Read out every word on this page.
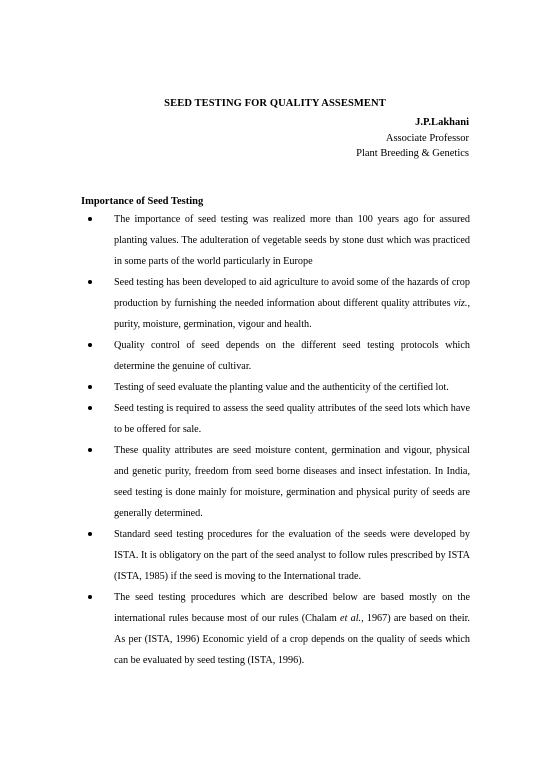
SEED TESTING FOR QUALITY ASSESMENT
J.P.Lakhani
Associate Professor
Plant Breeding & Genetics
Importance of Seed Testing
The importance of seed testing was realized more than 100 years ago for assured planting values. The adulteration of vegetable seeds by stone dust which was practiced in some parts of the world particularly in Europe
Seed testing has been developed to aid agriculture to avoid some of the hazards of crop production by furnishing the needed information about different quality attributes viz., purity, moisture, germination, vigour and health.
Quality control of seed depends on the different seed testing protocols which determine the genuine of cultivar.
Testing of seed evaluate the planting value and the authenticity of the certified lot.
Seed testing is required to assess the seed quality attributes of the seed lots which have to be offered for sale.
These quality attributes are seed moisture content, germination and vigour, physical and genetic purity, freedom from seed borne diseases and insect infestation. In India, seed testing is done mainly for moisture, germination and physical purity of seeds are generally determined.
Standard seed testing procedures for the evaluation of the seeds were developed by ISTA. It is obligatory on the part of the seed analyst to follow rules prescribed by ISTA (ISTA, 1985) if the seed is moving to the International trade.
The seed testing procedures which are described below are based mostly on the international rules because most of our rules (Chalam et al., 1967) are based on their. As per (ISTA, 1996) Economic yield of a crop depends on the quality of seeds which can be evaluated by seed testing (ISTA, 1996).
